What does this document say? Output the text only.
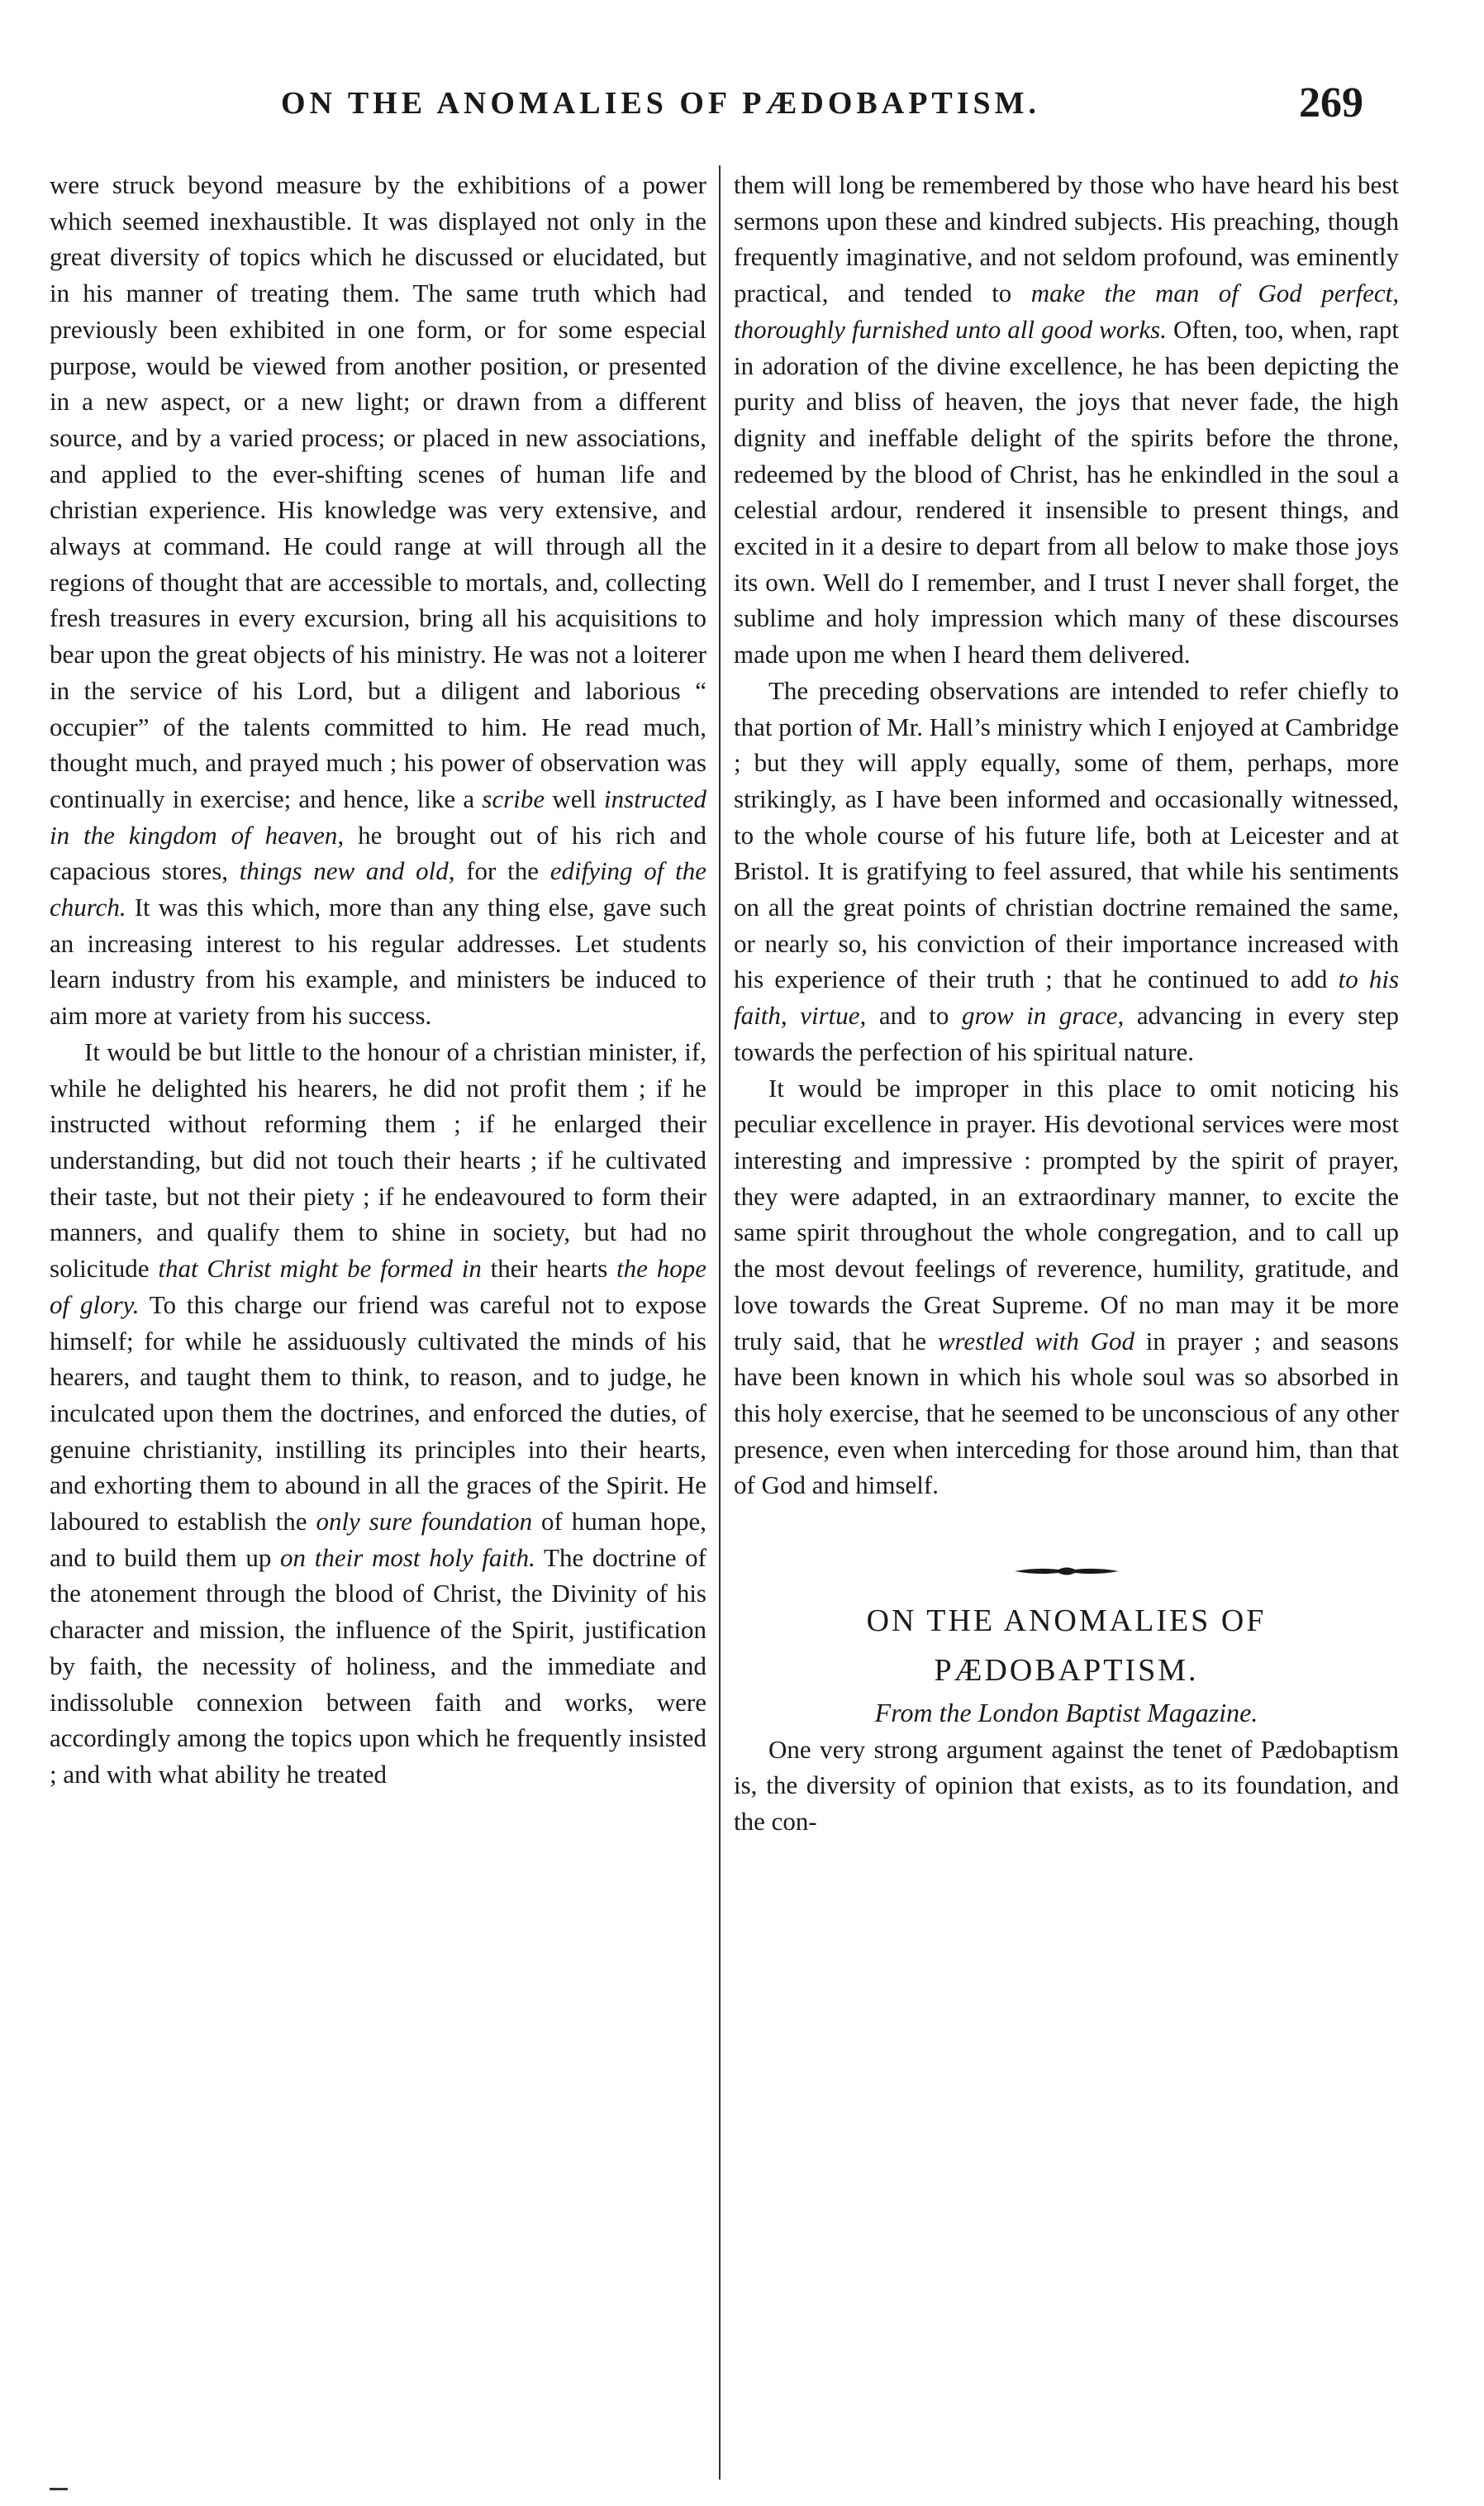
ON THE ANOMALIES OF PÆDOBAPTISM.	269

were struck beyond measure by the exhibitions of a power which seemed inexhaustible. It was displayed not only in the great diversity of topics which he discussed or elucidated, but in his manner of treating them. The same truth which had previously been exhibited in one form, or for some especial purpose, would be viewed from another position, or presented in a new aspect, or a new light; or drawn from a different source, and by a varied process; or placed in new associations, and applied to the ever-shifting scenes of human life and christian experience. His knowledge was very extensive, and always at command. He could range at will through all the regions of thought that are accessible to mortals, and, collecting fresh treasures in every excursion, bring all his acquisitions to bear upon the great objects of his ministry. He was not a loiterer in the service of his Lord, but a diligent and laborious “ occupier” of the talents committed to him. He read much, thought much, and prayed much ; his power of observation was continually in exercise; and hence, like a scribe well instructed in the kingdom of heaven, he brought out of his rich and capacious stores, things new and old, for the edifying of the church. It was this which, more than any thing else, gave such an increasing interest to his regular addresses. Let students learn industry from his example, and ministers be induced to aim more at variety from his success.

It would be but little to the honour of a christian minister, if, while he delighted his hearers, he did not profit them ; if he instructed without reforming them ; if he enlarged their understanding, but did not touch their hearts ; if he cultivated their taste, but not their piety ; if he endeavoured to form their manners, and qualify them to shine in society, but had no solicitude that Christ might be formed in their hearts the hope of glory. To this charge our friend was careful not to expose himself; for while he assiduously cultivated the minds of his hearers, and taught them to think, to reason, and to judge, he inculcated upon them the doctrines, and enforced the duties, of genuine christianity, instilling its principles into their hearts, and exhorting them to abound in all the graces of the Spirit. He laboured to establish the only sure foundation of human hope, and to build them up on their most holy faith. The doctrine of the atonement through the blood of Christ, the Divinity of his character and mission, the influence of the Spirit, justification by faith, the necessity of holiness, and the immediate and indissoluble connexion between faith and works, were accordingly among the topics upon which he frequently insisted ; and with what ability he treated

them will long be remembered by those who have heard his best sermons upon these and kindred subjects. His preaching, though frequently imaginative, and not seldom profound, was eminently practical, and tended to make the man of God perfect, thoroughly furnished unto all good works. Often, too, when, rapt in adoration of the divine excellence, he has been depicting the purity and bliss of heaven, the joys that never fade, the high dignity and ineffable delight of the spirits before the throne, redeemed by the blood of Christ, has he enkindled in the soul a celestial ardour, rendered it insensible to present things, and excited in it a desire to depart from all below to make those joys its own. Well do I remember, and I trust I never shall forget, the sublime and holy impression which many of these discourses made upon me when I heard them delivered.

The preceding observations are intended to refer chiefly to that portion of Mr. Hall’s ministry which I enjoyed at Cambridge ; but they will apply equally, some of them, perhaps, more strikingly, as I have been informed and occasionally witnessed, to the whole course of his future life, both at Leicester and at Bristol. It is gratifying to feel assured, that while his sentiments on all the great points of christian doctrine remained the same, or nearly so, his conviction of their importance increased with his experience of their truth ; that he continued to add to his faith, virtue, and to grow in grace, advancing in every step towards the perfection of his spiritual nature.

It would be improper in this place to omit noticing his peculiar excellence in prayer. His devotional services were most interesting and impressive : prompted by the spirit of prayer, they were adapted, in an extraordinary manner, to excite the same spirit throughout the whole congregation, and to call up the most devout feelings of reverence, humility, gratitude, and love towards the Great Supreme. Of no man may it be more truly said, that he wrestled with God in prayer ; and seasons have been known in which his whole soul was so absorbed in this holy exercise, that he seemed to be unconscious of any other presence, even when interceding for those around him, than that of God and himself.

ON THE ANOMALIES OF PÆDOBAPTISM.

From the London Baptist Magazine.

One very strong argument against the tenet of Pædobaptism is, the diversity of opinion that exists, as to its foundation, and the con-
